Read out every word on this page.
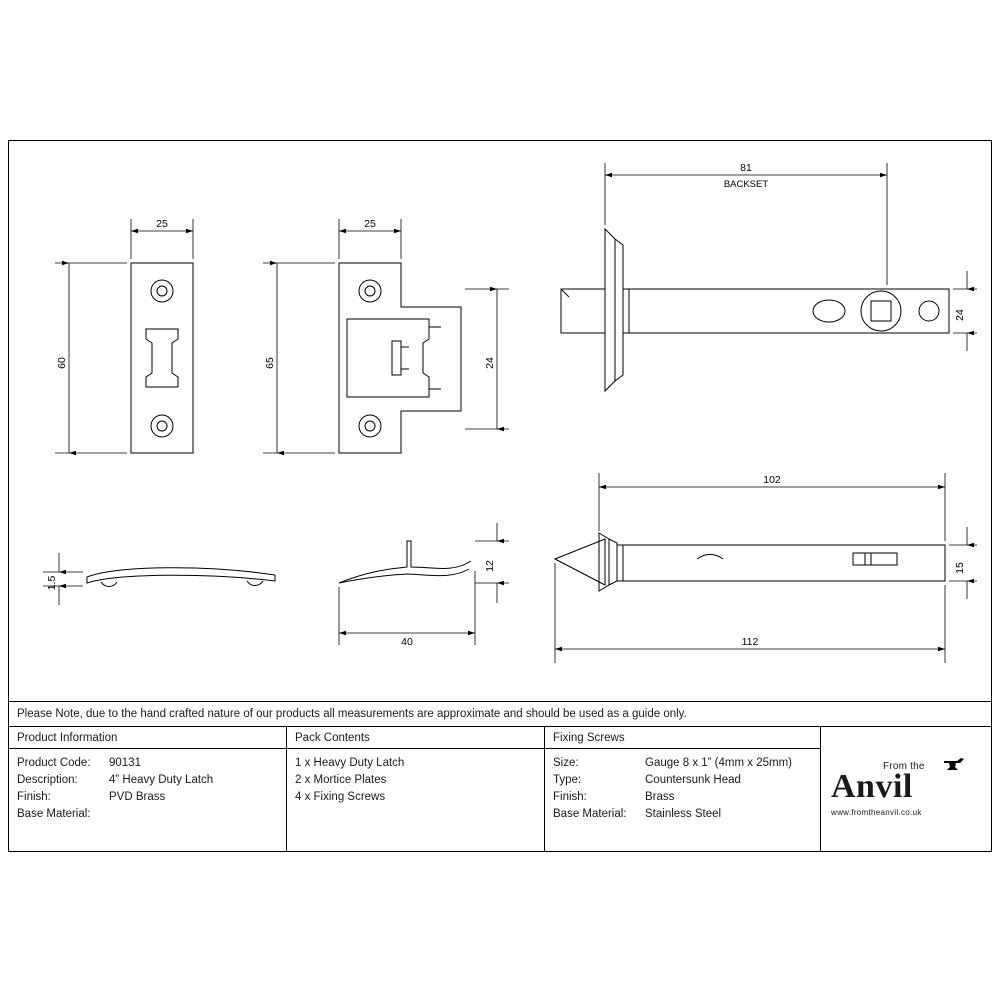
25
60
25
65	24
81
BACKSET
24
1.5
12
40
102
112
15
Please Note, due to the hand crafted nature of our products all measurements are approximate and should be used as a guide only.
Product Information
Product Code:	90131
Description:	4” Heavy Duty Latch
Finish:	PVD Brass
Base Material:
Pack Contents
1 x Heavy Duty Latch
2 x Mortice Plates
4 x Fixing Screws
Fixing Screws
Size:	Gauge 8 x 1” (4mm x 25mm)
Type:	Countersunk Head
Finish:	Brass
Base Material:	Stainless Steel
From the
Anvil
www.fromtheanvil.co.uk
